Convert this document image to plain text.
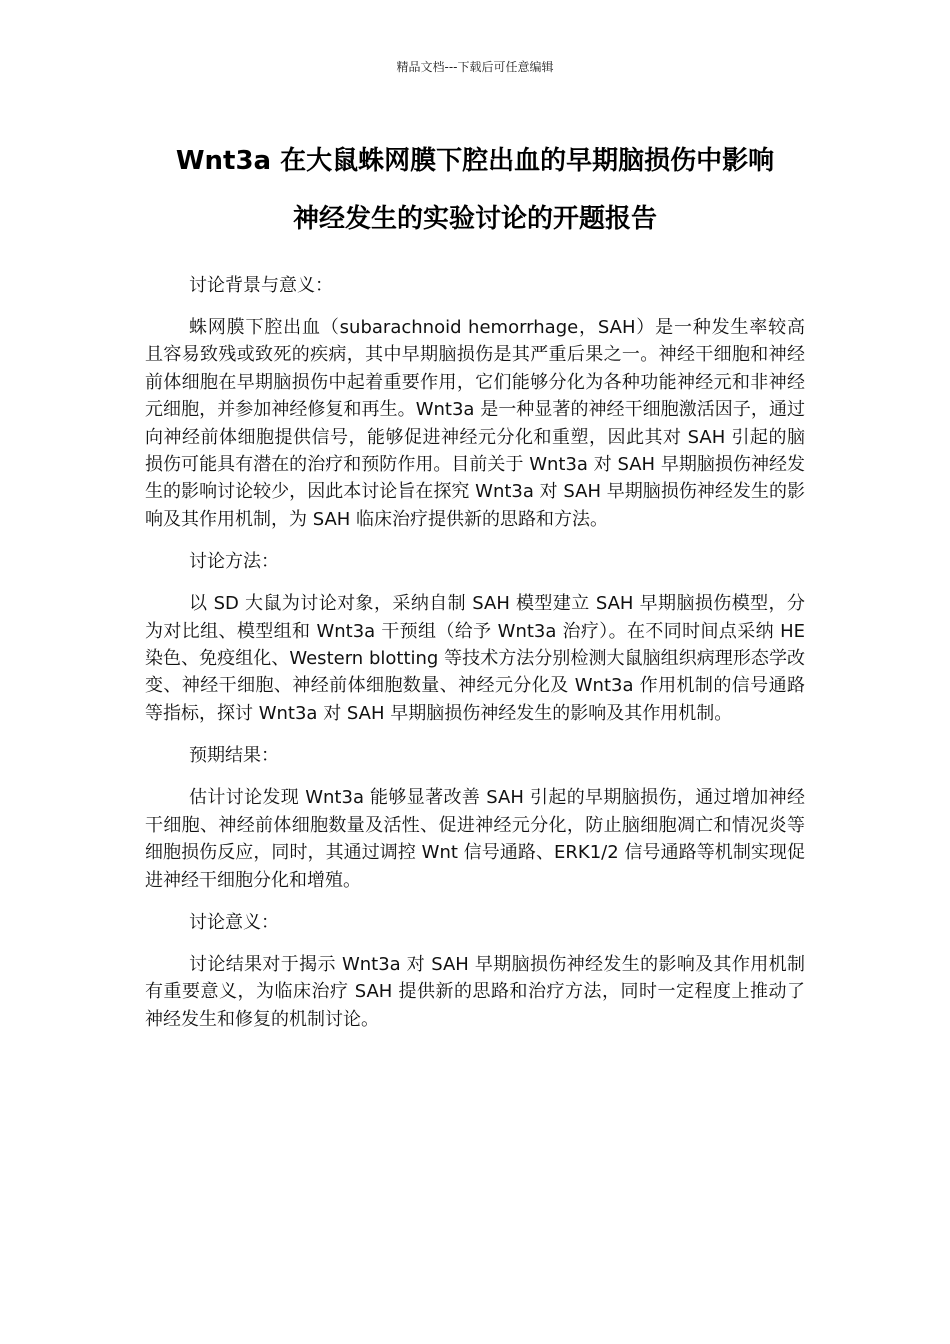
精品文档---下载后可任意编辑
Wnt3a 在大鼠蛛网膜下腔出血的早期脑损伤中影响
神经发生的实验讨论的开题报告

讨论背景与意义：

蛛网膜下腔出血（subarachnoid hemorrhage，SAH）是一种发生率较高且容易致残或致死的疾病，其中早期脑损伤是其严重后果之一。神经干细胞和神经前体细胞在早期脑损伤中起着重要作用，它们能够分化为各种功能神经元和非神经元细胞，并参加神经修复和再生。Wnt3a 是一种显著的神经干细胞激活因子，通过向神经前体细胞提供信号，能够促进神经元分化和重塑，因此其对 SAH 引起的脑损伤可能具有潜在的治疗和预防作用。目前关于 Wnt3a 对 SAH 早期脑损伤神经发生的影响讨论较少，因此本讨论旨在探究 Wnt3a 对 SAH 早期脑损伤神经发生的影响及其作用机制，为 SAH 临床治疗提供新的思路和方法。

讨论方法：

以 SD 大鼠为讨论对象，采纳自制 SAH 模型建立 SAH 早期脑损伤模型，分为对比组、模型组和 Wnt3a 干预组（给予 Wnt3a 治疗）。在不同时间点采纳 HE 染色、免疫组化、Western blotting 等技术方法分别检测大鼠脑组织病理形态学改变、神经干细胞、神经前体细胞数量、神经元分化及 Wnt3a 作用机制的信号通路等指标，探讨 Wnt3a 对 SAH 早期脑损伤神经发生的影响及其作用机制。

预期结果：

估计讨论发现 Wnt3a 能够显著改善 SAH 引起的早期脑损伤，通过增加神经干细胞、神经前体细胞数量及活性、促进神经元分化，防止脑细胞凋亡和情况炎等细胞损伤反应，同时，其通过调控 Wnt 信号通路、ERK1/2 信号通路等机制实现促进神经干细胞分化和增殖。

讨论意义：

讨论结果对于揭示 Wnt3a 对 SAH 早期脑损伤神经发生的影响及其作用机制有重要意义，为临床治疗 SAH 提供新的思路和治疗方法，同时一定程度上推动了神经发生和修复的机制讨论。
